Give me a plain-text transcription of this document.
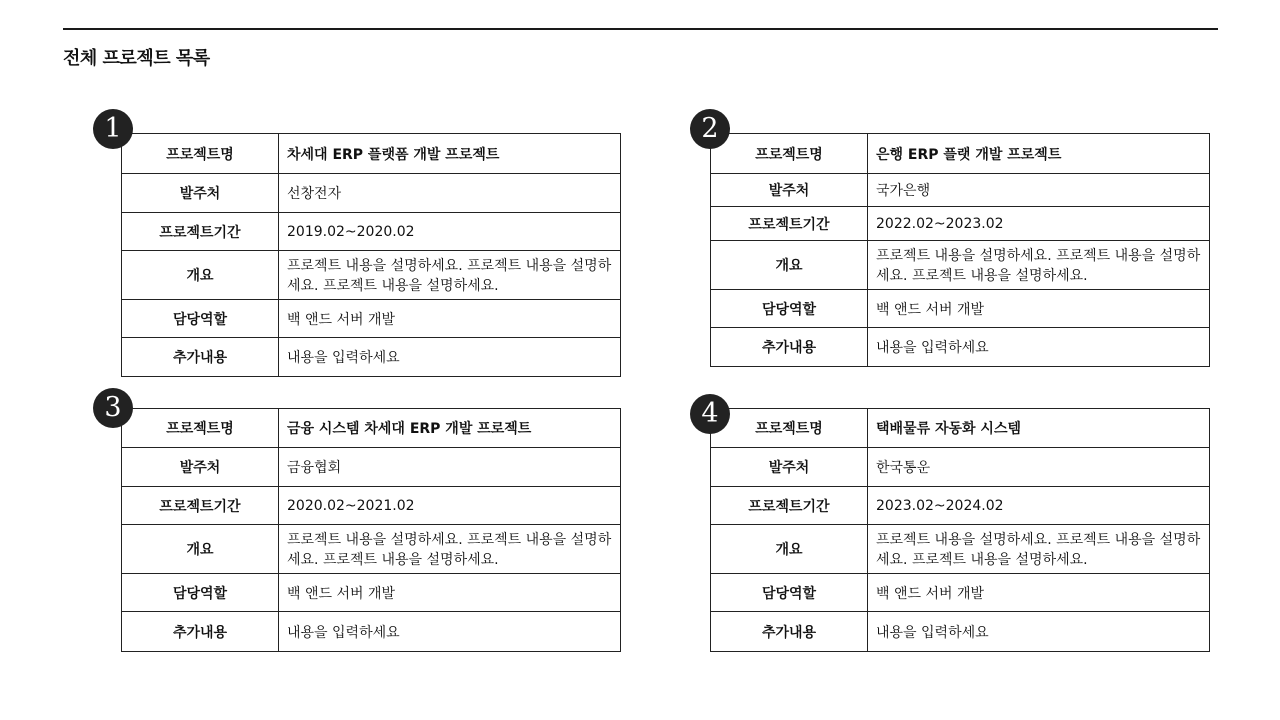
전체 프로젝트 목록
프로젝트명	차세대 ERP 플랫폼 개발 프로젝트
발주처	선창전자
프로젝트기간	2019.02~2020.02
개요	프로젝트 내용을 설명하세요. 프로젝트 내용을 설명하세요. 프로젝트 내용을 설명하세요.
담당역할	백 앤드 서버 개발
추가내용	내용을 입력하세요
1
프로젝트명	은행 ERP 플랫 개발 프로젝트
발주처	국가은행
프로젝트기간	2022.02~2023.02
개요	프로젝트 내용을 설명하세요. 프로젝트 내용을 설명하세요. 프로젝트 내용을 설명하세요.
담당역할	백 앤드 서버 개발
추가내용	내용을 입력하세요
2
프로젝트명	금융 시스템 차세대 ERP 개발 프로젝트
발주처	금융협회
프로젝트기간	2020.02~2021.02
개요	프로젝트 내용을 설명하세요. 프로젝트 내용을 설명하세요. 프로젝트 내용을 설명하세요.
담당역할	백 앤드 서버 개발
추가내용	내용을 입력하세요
3
프로젝트명	택배물류 자동화 시스템
발주처	한국통운
프로젝트기간	2023.02~2024.02
개요	프로젝트 내용을 설명하세요. 프로젝트 내용을 설명하세요. 프로젝트 내용을 설명하세요.
담당역할	백 앤드 서버 개발
추가내용	내용을 입력하세요
4
